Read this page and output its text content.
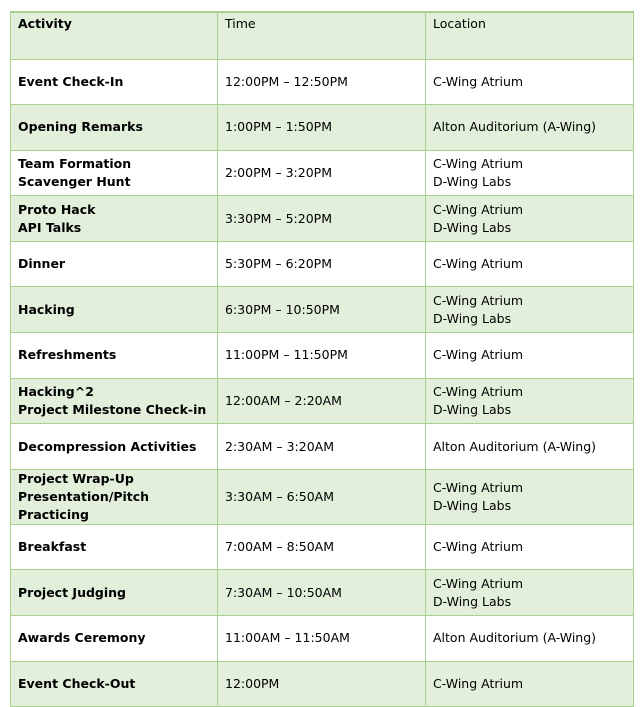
Activity	Time	Location

Event Check-In	12:00PM – 12:50PM	C-Wing Atrium

Opening Remarks	1:00PM – 1:50PM	Alton Auditorium (A-Wing)

Team Formation
Scavenger Hunt	2:00PM – 3:20PM	C-Wing Atrium
D-Wing Labs

Proto Hack
API Talks	3:30PM – 5:20PM	C-Wing Atrium
D-Wing Labs

Dinner	5:30PM – 6:20PM	C-Wing Atrium

Hacking	6:30PM – 10:50PM	C-Wing Atrium
D-Wing Labs

Refreshments	11:00PM – 11:50PM	C-Wing Atrium

Hacking^2
Project Milestone Check-in	12:00AM – 2:20AM	C-Wing Atrium
D-Wing Labs

Decompression Activities	2:30AM – 3:20AM	Alton Auditorium (A-Wing)

Project Wrap-Up
Presentation/Pitch Practicing	3:30AM – 6:50AM	C-Wing Atrium
D-Wing Labs

Breakfast	7:00AM – 8:50AM	C-Wing Atrium

Project Judging	7:30AM – 10:50AM	C-Wing Atrium
D-Wing Labs

Awards Ceremony	11:00AM – 11:50AM	Alton Auditorium (A-Wing)

Event Check-Out	12:00PM	C-Wing Atrium
